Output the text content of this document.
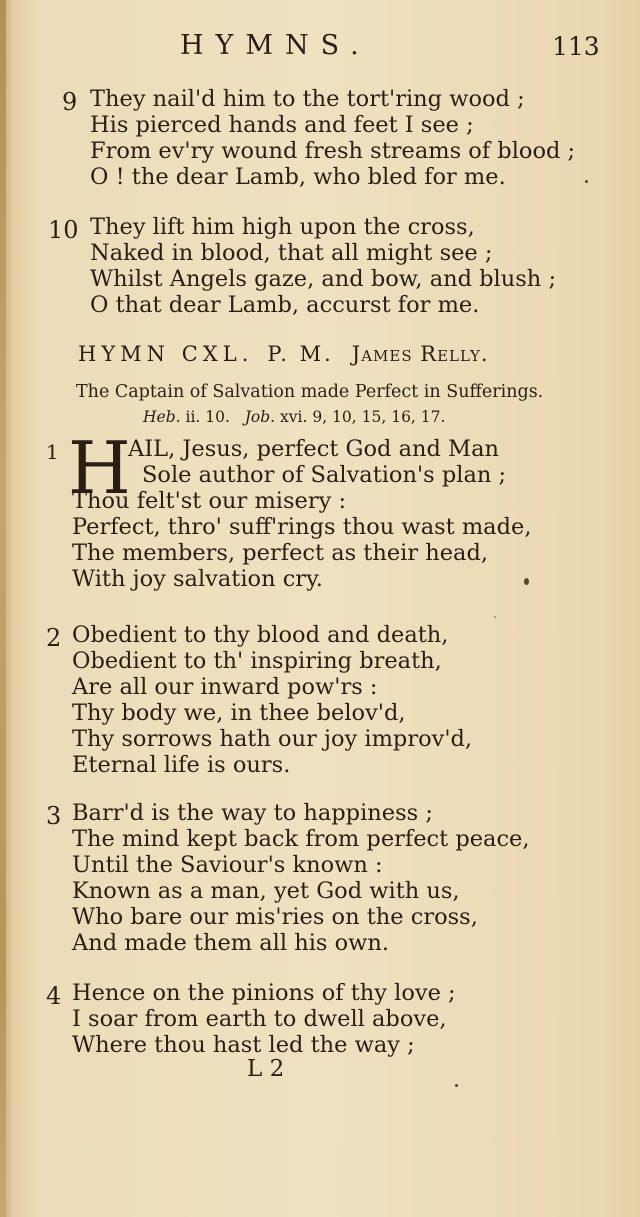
HYMNS.	113
9 They nail'd him to the tort'ring wood ;
His pierced hands and feet I see ;
From ev'ry wound fresh streams of blood ;
O ! the dear Lamb, who bled for me.
10 They lift him high upon the cross,
Naked in blood, that all might see ;
Whilst Angels gaze, and bow, and blush ;
O that dear Lamb, accurst for me.
HYMN CXL. P. M. James Relly.
The Captain of Salvation made Perfect in Sufferings.
Heb. ii. 10. Job. xvi. 9, 10, 15, 16, 17.
1 H
AIL, Jesus, perfect God and Man
Sole author of Salvation's plan ;
Thou felt'st our misery :
Perfect, thro' suff'rings thou wast made,
The members, perfect as their head,
With joy salvation cry.
2 Obedient to thy blood and death,
Obedient to th' inspiring breath,
Are all our inward pow'rs :
Thy body we, in thee belov'd,
Thy sorrows hath our joy improv'd,
Eternal life is ours.
3 Barr'd is the way to happiness ;
The mind kept back from perfect peace,
Until the Saviour's known :
Known as a man, yet God with us,
Who bare our mis'ries on the cross,
And made them all his own.
4 Hence on the pinions of thy love ;
I soar from earth to dwell above,
Where thou hast led the way ;
L 2
